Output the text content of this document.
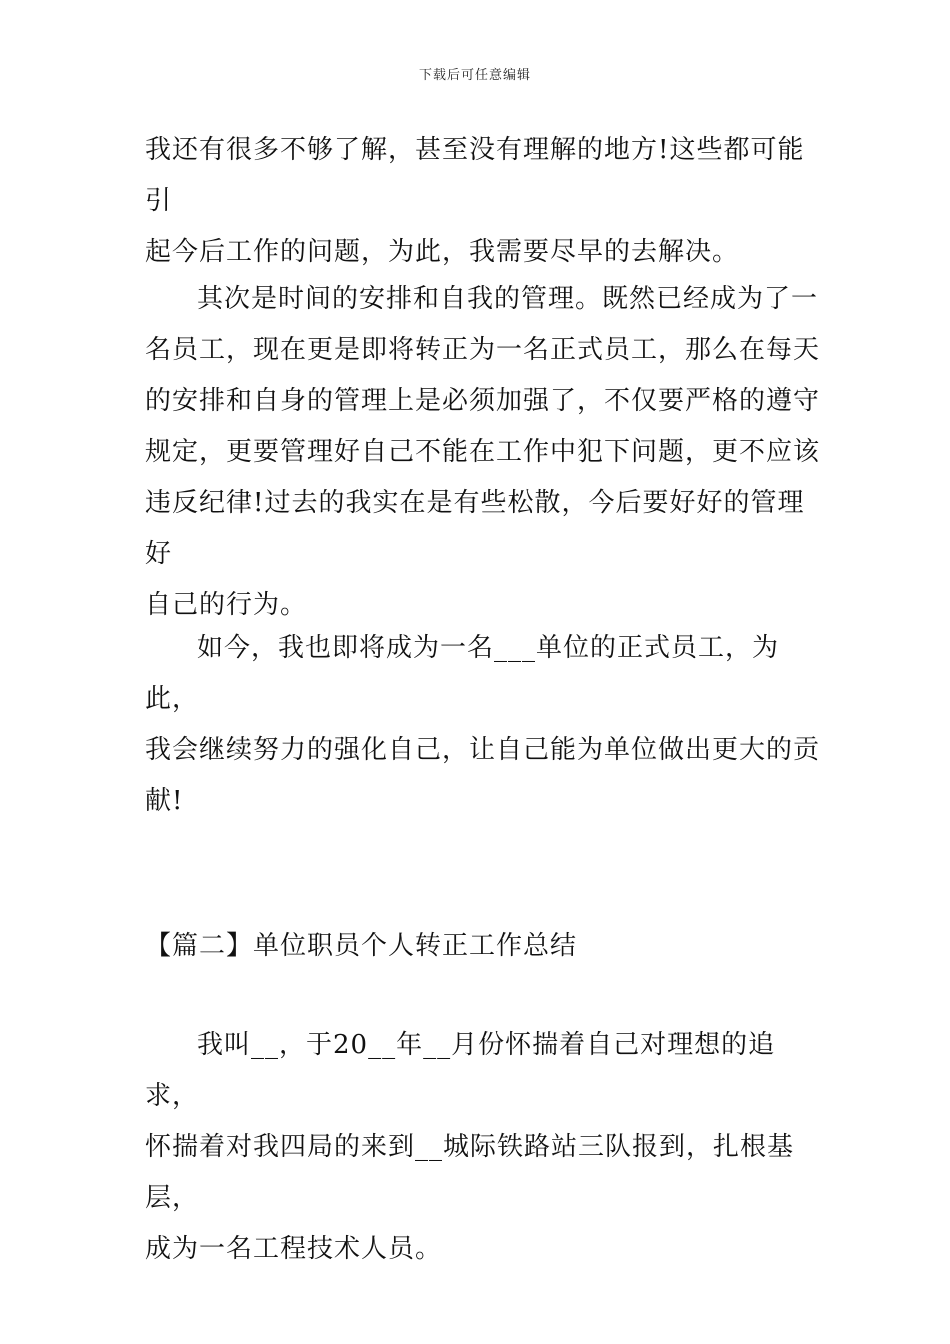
下载后可任意编辑
我还有很多不够了解，甚至没有理解的地方!这些都可能引
起今后工作的问题，为此，我需要尽早的去解决。
其次是时间的安排和自我的管理。既然已经成为了一
名员工，现在更是即将转正为一名正式员工，那么在每天
的安排和自身的管理上是必须加强了，不仅要严格的遵守
规定，更要管理好自己不能在工作中犯下问题，更不应该
违反纪律!过去的我实在是有些松散，今后要好好的管理好
自己的行为。
如今，我也即将成为一名___单位的正式员工，为此，
我会继续努力的强化自己，让自己能为单位做出更大的贡
献!
【篇二】单位职员个人转正工作总结
我叫__，于20__年__月份怀揣着自己对理想的追求，
怀揣着对我四局的来到__城际铁路站三队报到，扎根基层，
成为一名工程技术人员。
